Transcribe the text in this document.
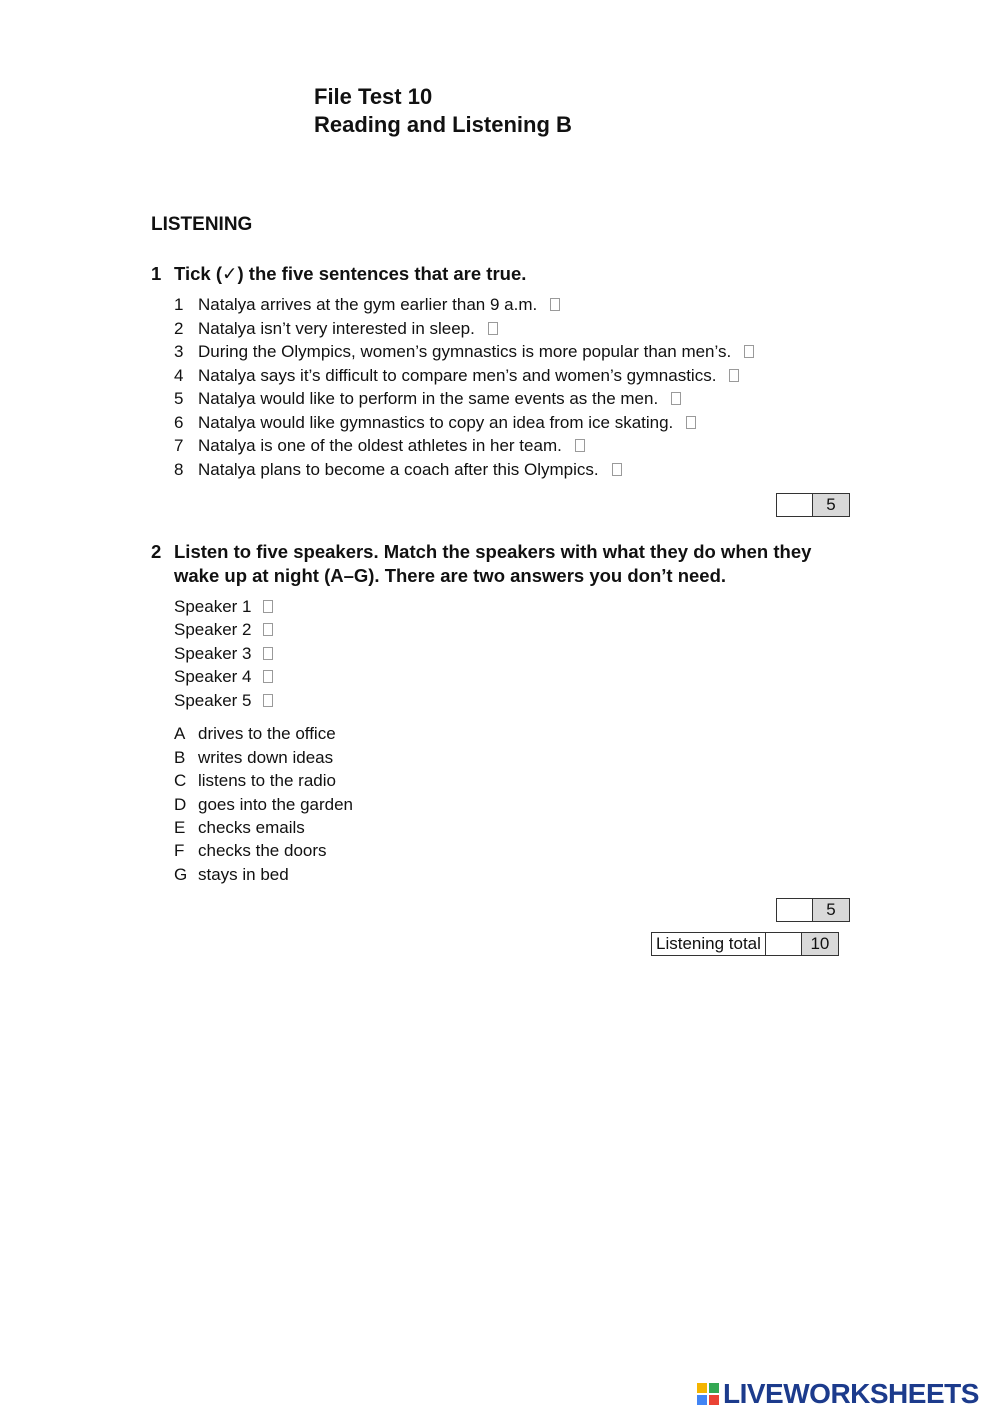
File Test 10
Reading and Listening B
LISTENING
1 Tick (✓) the five sentences that are true.
1 Natalya arrives at the gym earlier than 9 a.m.
2 Natalya isn’t very interested in sleep.
3 During the Olympics, women’s gymnastics is more popular than men’s.
4 Natalya says it’s difficult to compare men’s and women’s gymnastics.
5 Natalya would like to perform in the same events as the men.
6 Natalya would like gymnastics to copy an idea from ice skating.
7 Natalya is one of the oldest athletes in her team.
8 Natalya plans to become a coach after this Olympics.
5
2 Listen to five speakers. Match the speakers with what they do when they wake up at night (A–G). There are two answers you don’t need.
Speaker 1
Speaker 2
Speaker 3
Speaker 4
Speaker 5
A drives to the office
B writes down ideas
C listens to the radio
D goes into the garden
E checks emails
F checks the doors
G stays in bed
5
Listening total	10
LIVEWORKSHEETS
